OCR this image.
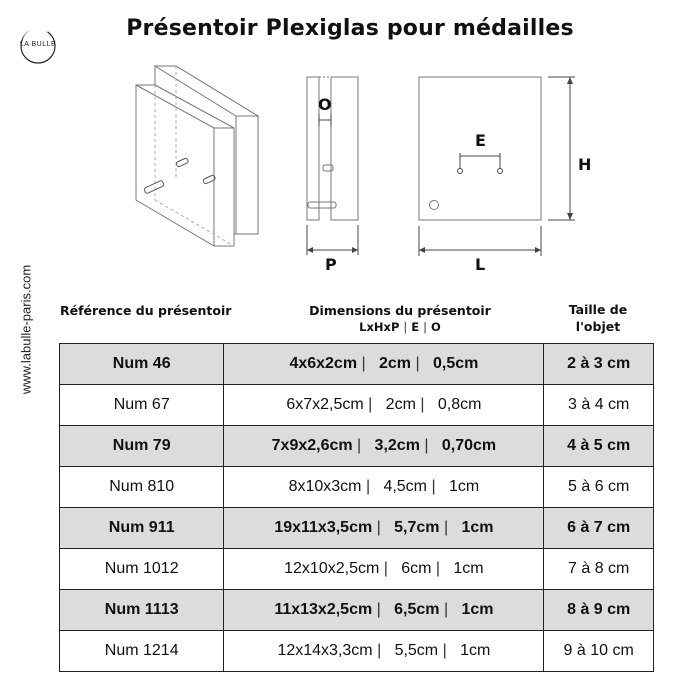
Présentoir Plexiglas pour médailles
LA BULLE
www.labulle-paris.com
O
E
H
P	L
Référence du présentoir	Dimensions du présentoir
LxHxP | E | O
Taille de
l'objet
Num 46	4x6x2cm |   2cm |   0,5cm	2 à 3 cm
Num 67	6x7x2,5cm |   2cm |   0,8cm	3 à 4 cm
Num 79	7x9x2,6cm |   3,2cm |   0,70cm	4 à 5 cm
Num 810	8x10x3cm |   4,5cm |   1cm	5 à 6 cm
Num 911	19x11x3,5cm |   5,7cm |   1cm	6 à 7 cm
Num 1012	12x10x2,5cm |   6cm |   1cm	7 à 8 cm
Num 1113	11x13x2,5cm |   6,5cm |   1cm	8 à 9 cm
Num 1214	12x14x3,3cm |   5,5cm |   1cm	9 à 10 cm
